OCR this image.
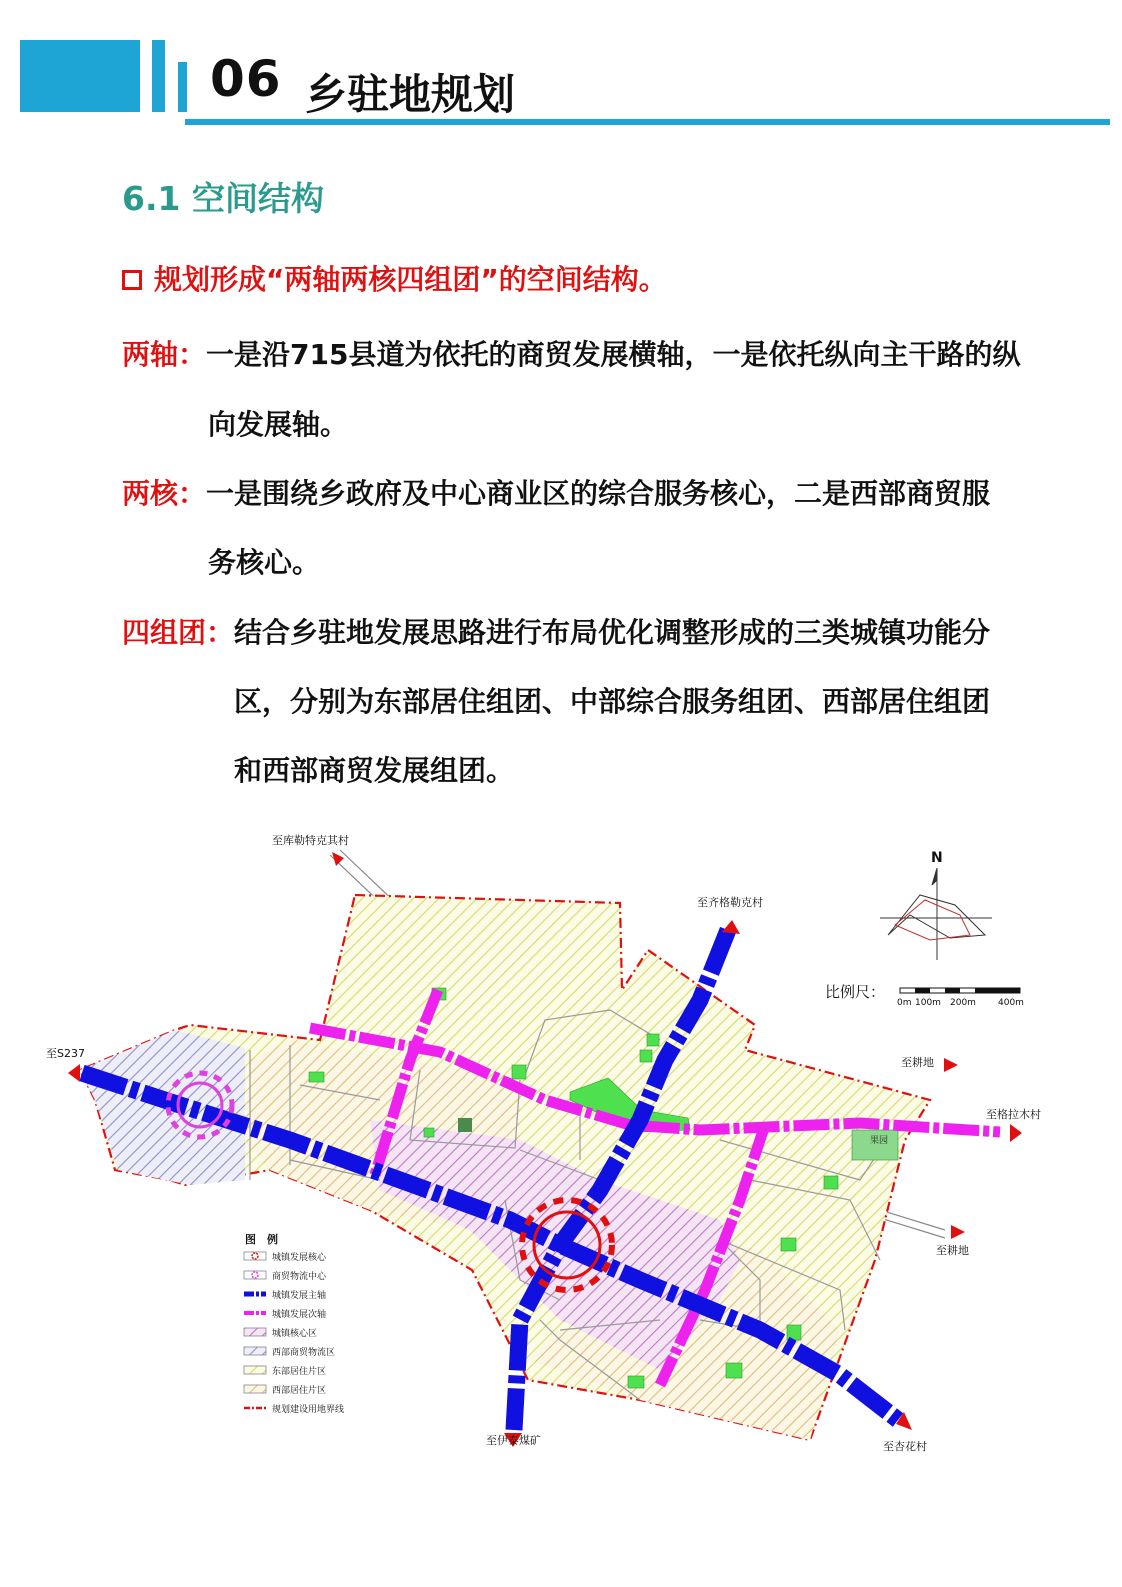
06 乡驻地规划
6.1 空间结构
规划形成“两轴两核四组团”的空间结构。
两轴：一是沿715县道为依托的商贸发展横轴，一是依托纵向主干路的纵
向发展轴。
两核：一是围绕乡政府及中心商业区的综合服务核心，二是西部商贸服
务核心。
四组团：结合乡驻地发展思路进行布局优化调整形成的三类城镇功能分
区，分别为东部居住组团、中部综合服务组团、西部居住组团
和西部商贸发展组团。
果园
至库勒特克其村
至齐格勒克村
至S237
至耕地
至格拉木村
至耕地
至伊泰煤矿	至杏花村
N
比例尺：
0m 100m 200m 400m
图　例
城镇发展核心
商贸物流中心
城镇发展主轴
城镇发展次轴
城镇核心区
西部商贸物流区
东部居住片区
西部居住片区
规划建设用地界线
